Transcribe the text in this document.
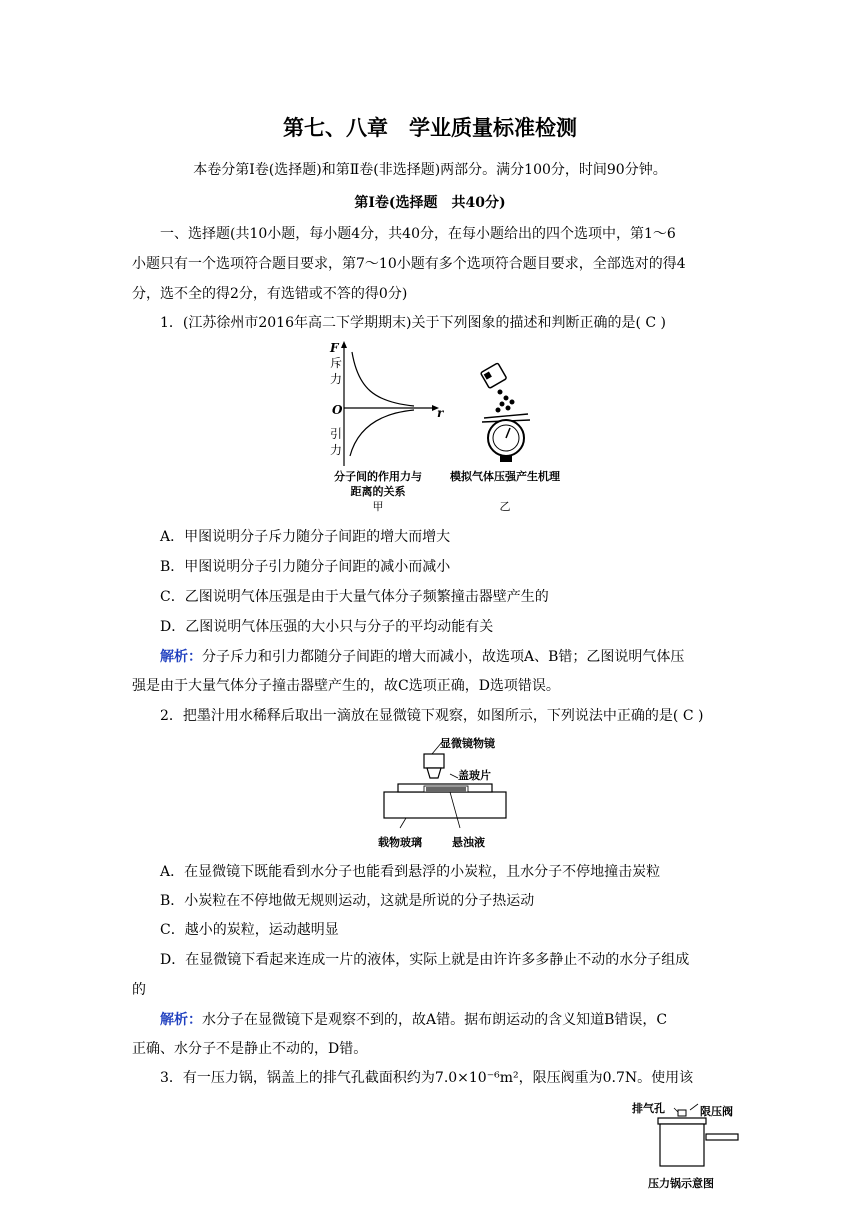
第七、八章　学业质量标准检测
本卷分第Ⅰ卷(选择题)和第Ⅱ卷(非选择题)两部分。满分100分，时间90分钟。
第Ⅰ卷(选择题　共40分)
一、选择题(共10小题，每小题4分，共40分，在每小题给出的四个选项中，第1～6
小题只有一个选项符合题目要求，第7～10小题有多个选项符合题目要求，全部选对的得4
分，选不全的得2分，有选错或不答的得0分)
1．(江苏徐州市2016年高二下学期期末)关于下列图象的描述和判断正确的是( C )
F
斥
力
O	r
引
力
分子间的作用力与
距离的关系
甲
模拟气体压强产生机理
乙
A．甲图说明分子斥力随分子间距的增大而增大
B．甲图说明分子引力随分子间距的减小而减小
C．乙图说明气体压强是由于大量气体分子频繁撞击器壁产生的
D．乙图说明气体压强的大小只与分子的平均动能有关
解析：分子斥力和引力都随分子间距的增大而减小，故选项A、B错；乙图说明气体压
强是由于大量气体分子撞击器壁产生的，故C选项正确，D选项错误。
2．把墨汁用水稀释后取出一滴放在显微镜下观察，如图所示，下列说法中正确的是( C )
显微镜物镜
盖玻片
载物玻璃	悬浊液
A．在显微镜下既能看到水分子也能看到悬浮的小炭粒，且水分子不停地撞击炭粒
B．小炭粒在不停地做无规则运动，这就是所说的分子热运动
C．越小的炭粒，运动越明显
D．在显微镜下看起来连成一片的液体，实际上就是由许许多多静止不动的水分子组成
的
解析：水分子在显微镜下是观察不到的，故A错。据布朗运动的含义知道B错误，C
正确、水分子不是静止不动的，D错。
3．有一压力锅，锅盖上的排气孔截面积约为7.0×10⁻⁶m²，限压阀重为0.7N。使用该
排气孔	限压阀
压力锅示意图
